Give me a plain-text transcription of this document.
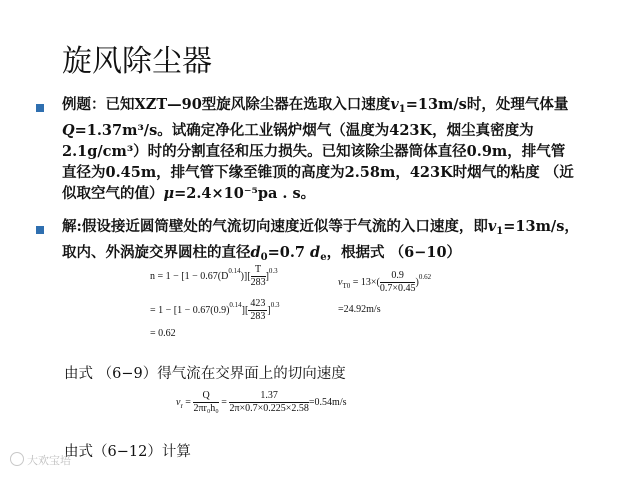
旋风除尘器
例题：已知XZT—90型旋风除尘器在选取入口速度$v_1=13m/s$时，处理气体量
Q=1.37m³/s。试确定净化工业锅炉烟气（温度为423K，烟尘真密度为
2.1g/cm³）时的分割直径和压力损失。已知该除尘器筒体直径0.9m，排气管
直径为0.45m，排气管下缘至锥顶的高度为2.58m，423K时烟气的粘度 （近
似取空气的值）μ=2.4×10⁻⁵pa . s。
解:假设接近圆筒壁处的气流切向速度近似等于气流的入口速度，即$v_1=13m/s$，
取内、外涡旋交界圆柱的直径$d_0=0.7$ $d_e$，根据式 （6−10）
$n = 1 - [1 - 0.67(D^{0.14})][ \frac{T}{283} ]^{0.3}$
= $1 - [1 - 0.67(0.9)^{0.14}][ \frac{423}{283} ]^{0.3}$
= 0.62
$v_{T0} = 13\times( \frac{0.9}{0.7\times 0.45} )^{0.62}$
=24.92m/s
由式 （6−9）得气流在交界面上的切向速度
$v_r = \frac{Q}{\text{2πr₀h₀}} = \frac{1.37}{2\pi\times 0.7\times 0.225\times 2.58} =0.54m/s$
由式（6−12）计算
大欢宝培
